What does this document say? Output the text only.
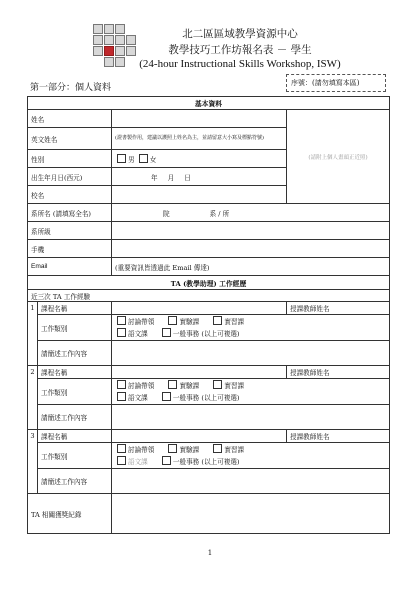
北二區區域教學資源中心
教學技巧工作坊報名表 － 學生
(24-hour Instructional Skills Workshop, ISW)
第一部分：個人資料	序號：(請勿填寫本區)
基本資料			
姓名			(請附上個人畫頭正近照)
英文姓名		(證書製作用，建議以護照上姓名為主，並請留意大小寫及標點符號)	
性別		男 女	
出生年月日(西元)		年 月 日	
校名			
系所名 (請填寫全名)		院 系 / 所	
系所級			
手機			
Email		(重要資訊皆透過此 Email 傳達)	
TA (教學助理) 工作經歷			
近三次 TA 工作經驗			
1	課程名稱		授課教師姓名
	工作類別	討論帶領 實驗課 實習課
語文課 一般事務 (以上可複選)	
	請簡述工作內容		
2	課程名稱		授課教師姓名
	工作類別	討論帶領 實驗課 實習課
語文課 一般事務 (以上可複選)	
	請簡述工作內容		
3	課程名稱		授課教師姓名
	工作類別	討論帶領 實驗課 實習課
語文課 一般事務 (以上可複選)	
	請簡述工作內容		
TA 相關獲獎紀錄			
1
